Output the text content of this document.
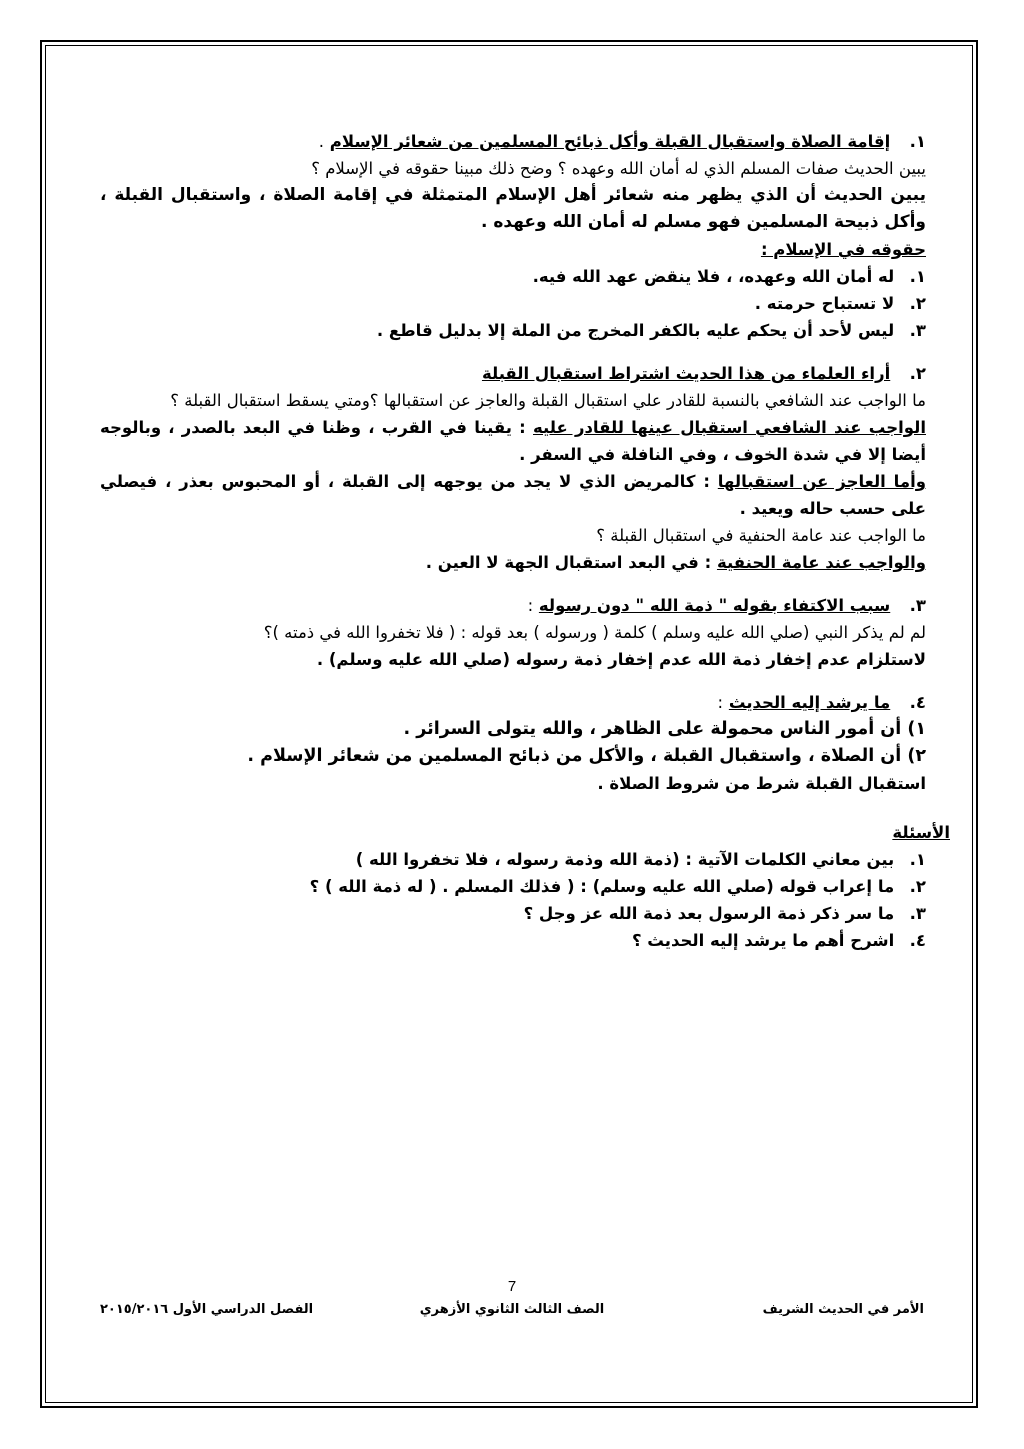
١. إقامة الصلاة واستقبال القبلة وأكل ذبائح المسلمين من شعائر الإسلام .
يبين الحديث صفات المسلم الذي له أمان الله وعهده ؟ وضح ذلك مبينا حقوقه في الإسلام ؟
يبين الحديث أن الذي يظهر منه شعائر أهل الإسلام المتمثلة في إقامة الصلاة ، واستقبال القبلة ، وأكل ذبيحة المسلمين فهو مسلم له أمان الله وعهده .
حقوقه في الإسلام :
١. له أمان الله وعهده، ، فلا ينقض عهد الله فيه.
٢. لا تستباح حرمته .
٣. ليس لأحد أن يحكم عليه بالكفر المخرج من الملة إلا بدليل قاطع .
٢. أراء العلماء من هذا الحديث اشتراط استقبال القبلة
ما الواجب عند الشافعي بالنسبة للقادر علي استقبال القبلة والعاجز عن استقبالها ؟ومتي يسقط استقبال القبلة ؟
الواجب عند الشافعي استقبال عينها للقادر عليه : يقينا في القرب ، وظنا في البعد بالصدر ، وبالوجه أيضا إلا في شدة الخوف ، وفي النافلة في السفر .
وأما العاجز عن استقبالها : كالمريض الذي لا يجد من يوجهه إلى القبلة ، أو المحبوس بعذر ، فيصلي على حسب حاله ويعيد .
ما الواجب عند عامة الحنفية في استقبال القبلة ؟
والواجب عند عامة الحنفية : في البعد استقبال الجهة لا العين .
٣. سبب الاكتفاء بقوله " ذمة الله " دون رسوله :
لم لم يذكر النبي (صلي الله عليه وسلم ) كلمة ( ورسوله ) بعد قوله : ( فلا تخفروا الله في ذمته )؟
لاستلزام عدم إخفار ذمة الله عدم إخفار ذمة رسوله (صلي الله عليه وسلم) .
٤. ما يرشد إليه الحديث :
١) أن أمور الناس محمولة على الظاهر ، والله يتولى السرائر .
٢) أن الصلاة ، واستقبال القبلة ، والأكل من ذبائح المسلمين من شعائر الإسلام .
استقبال القبلة شرط من شروط الصلاة .
الأسئلة
١. بين معاني الكلمات الآتية : (ذمة الله وذمة رسوله ، فلا تخفروا الله )
٢. ما إعراب قوله (صلي الله عليه وسلم) : ( فذلك المسلم . ( له ذمة الله ) ؟
٣. ما سر ذكر ذمة الرسول بعد ذمة الله عز وجل ؟
٤. اشرح أهم ما يرشد إليه الحديث ؟
7
الأمر في الحديث الشريف
الصف الثالث الثانوي الأزهري
الفصل الدراسي الأول ٢٠١٥/٢٠١٦
